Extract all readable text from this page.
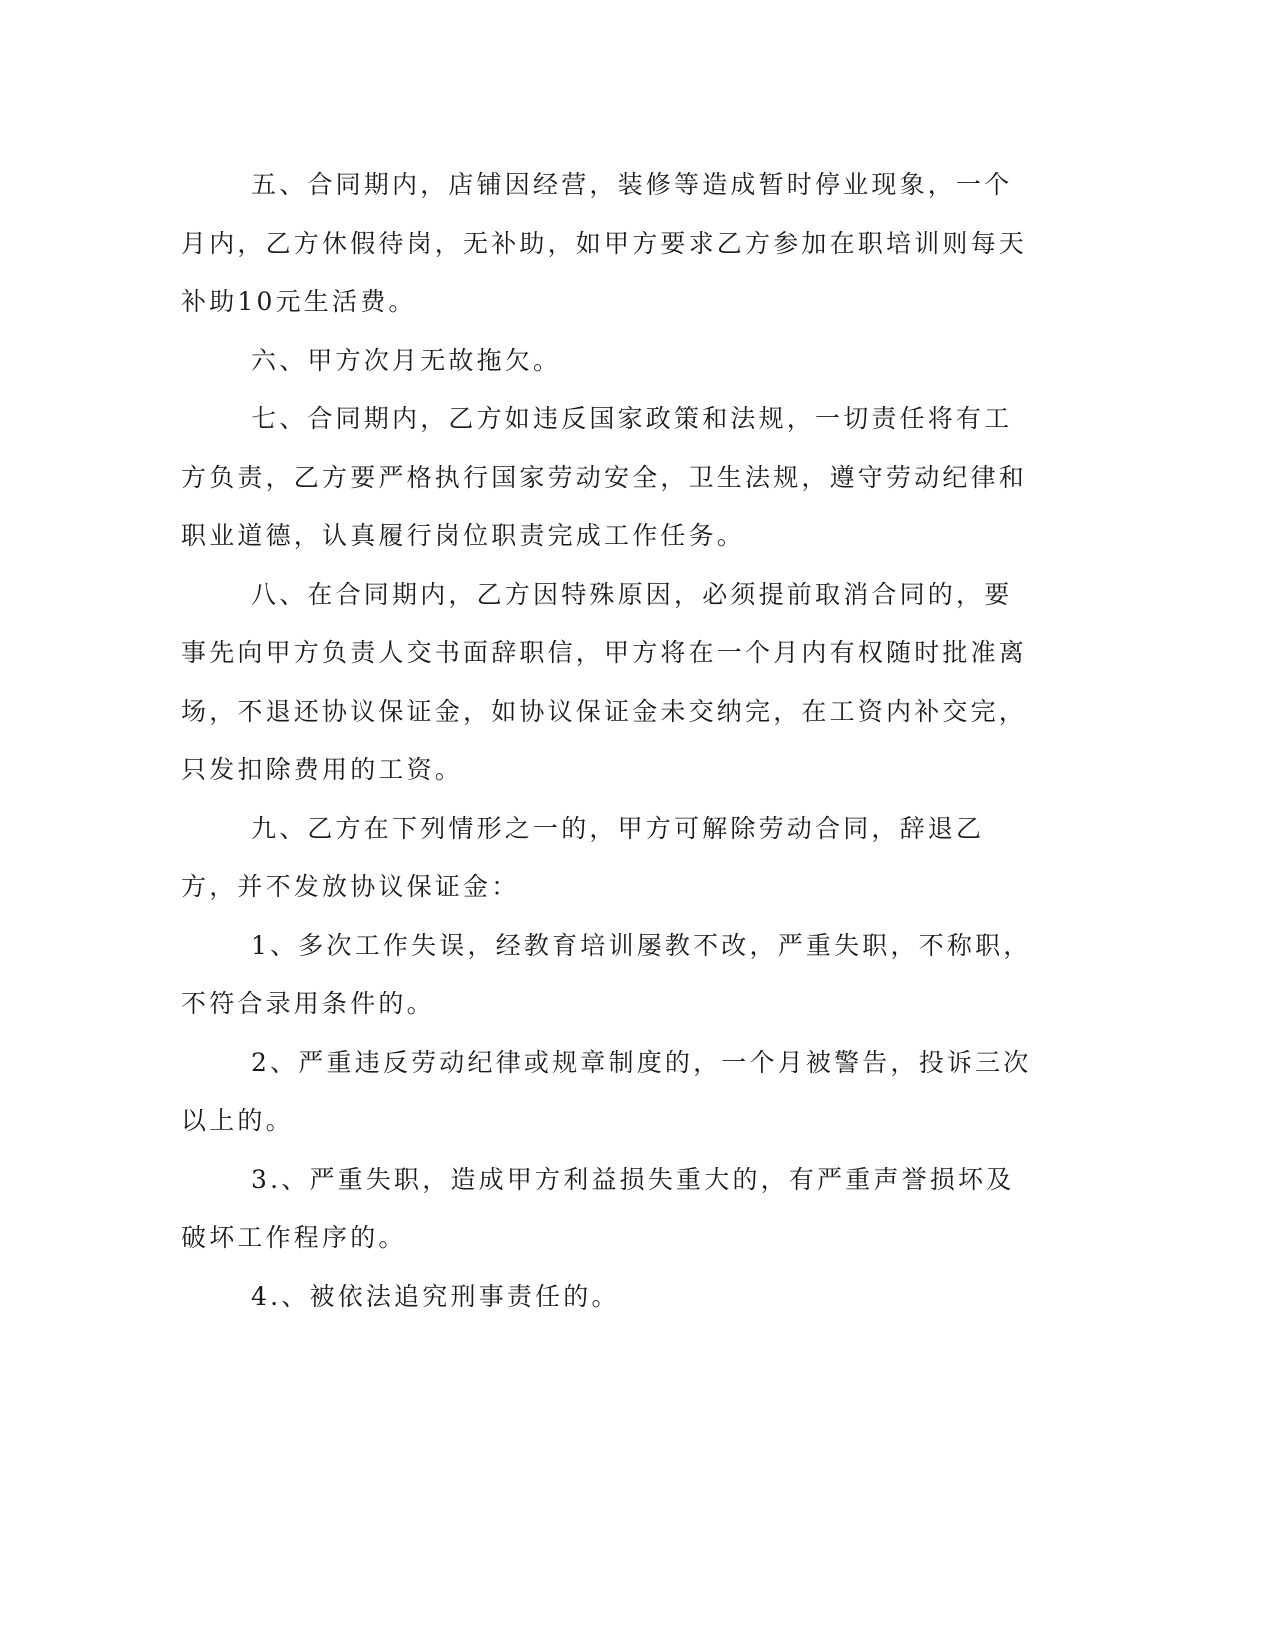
五、合同期内，店铺因经营，装修等造成暂时停业现象，一个月内，乙方休假待岗，无补助，如甲方要求乙方参加在职培训则每天补助10元生活费。

六、甲方次月无故拖欠。

七、合同期内，乙方如违反国家政策和法规，一切责任将有工方负责，乙方要严格执行国家劳动安全，卫生法规，遵守劳动纪律和职业道德，认真履行岗位职责完成工作任务。

八、在合同期内，乙方因特殊原因，必须提前取消合同的，要事先向甲方负责人交书面辞职信，甲方将在一个月内有权随时批准离场，不退还协议保证金，如协议保证金未交纳完，在工资内补交完，只发扣除费用的工资。

九、乙方在下列情形之一的，甲方可解除劳动合同，辞退乙方，并不发放协议保证金：

1、多次工作失误，经教育培训屡教不改，严重失职，不称职，不符合录用条件的。

2、严重违反劳动纪律或规章制度的，一个月被警告，投诉三次以上的。

3.、严重失职，造成甲方利益损失重大的，有严重声誉损坏及破坏工作程序的。

4.、被依法追究刑事责任的。
